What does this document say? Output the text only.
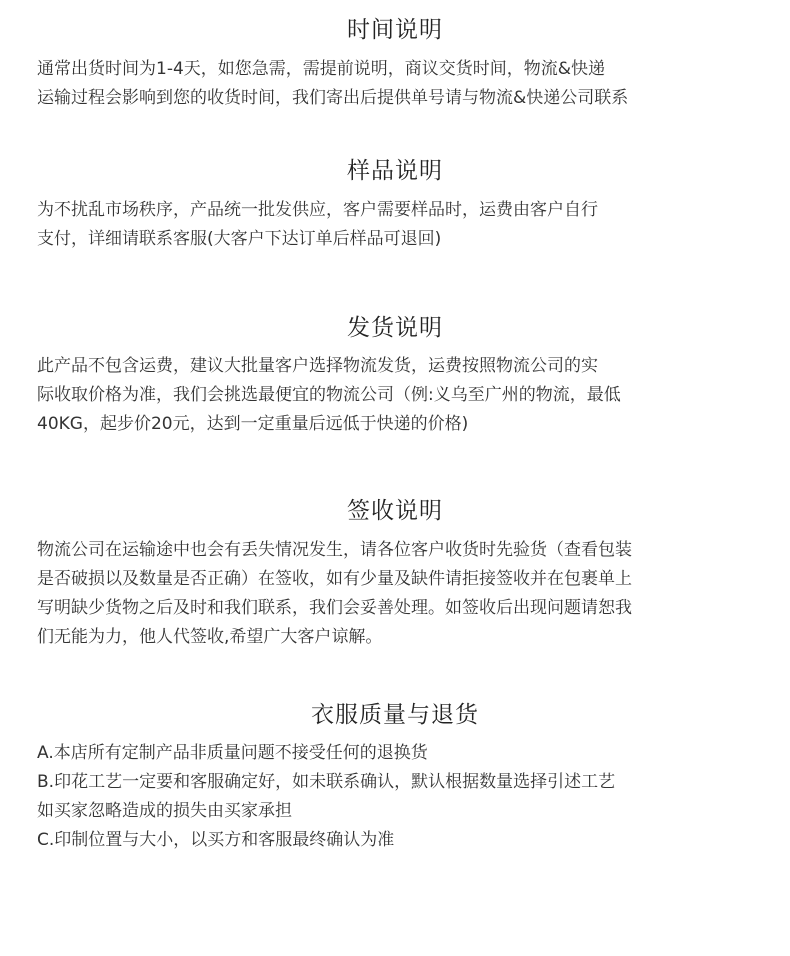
时间说明
通常出货时间为1-4天，如您急需，需提前说明，商议交货时间，物流&快递
运输过程会影响到您的收货时间，我们寄出后提供单号请与物流&快递公司联系
样品说明
为不扰乱市场秩序，产品统一批发供应，客户需要样品时，运费由客户自行
支付，详细请联系客服(大客户下达订单后样品可退回)
发货说明
此产品不包含运费，建议大批量客户选择物流发货，运费按照物流公司的实
际收取价格为准，我们会挑选最便宜的物流公司（例:义乌至广州的物流，最低
40KG，起步价20元，达到一定重量后远低于快递的价格)
签收说明
物流公司在运输途中也会有丢失情况发生，请各位客户收货时先验货（查看包装
是否破损以及数量是否正确）在签收，如有少量及缺件请拒接签收并在包裹单上
写明缺少货物之后及时和我们联系，我们会妥善处理。如签收后出现问题请恕我
们无能为力，他人代签收,希望广大客户谅解。
衣服质量与退货
A.本店所有定制产品非质量问题不接受任何的退换货
B.印花工艺一定要和客服确定好，如未联系确认，默认根据数量选择引述工艺
如买家忽略造成的损失由买家承担
C.印制位置与大小，以买方和客服最终确认为准
